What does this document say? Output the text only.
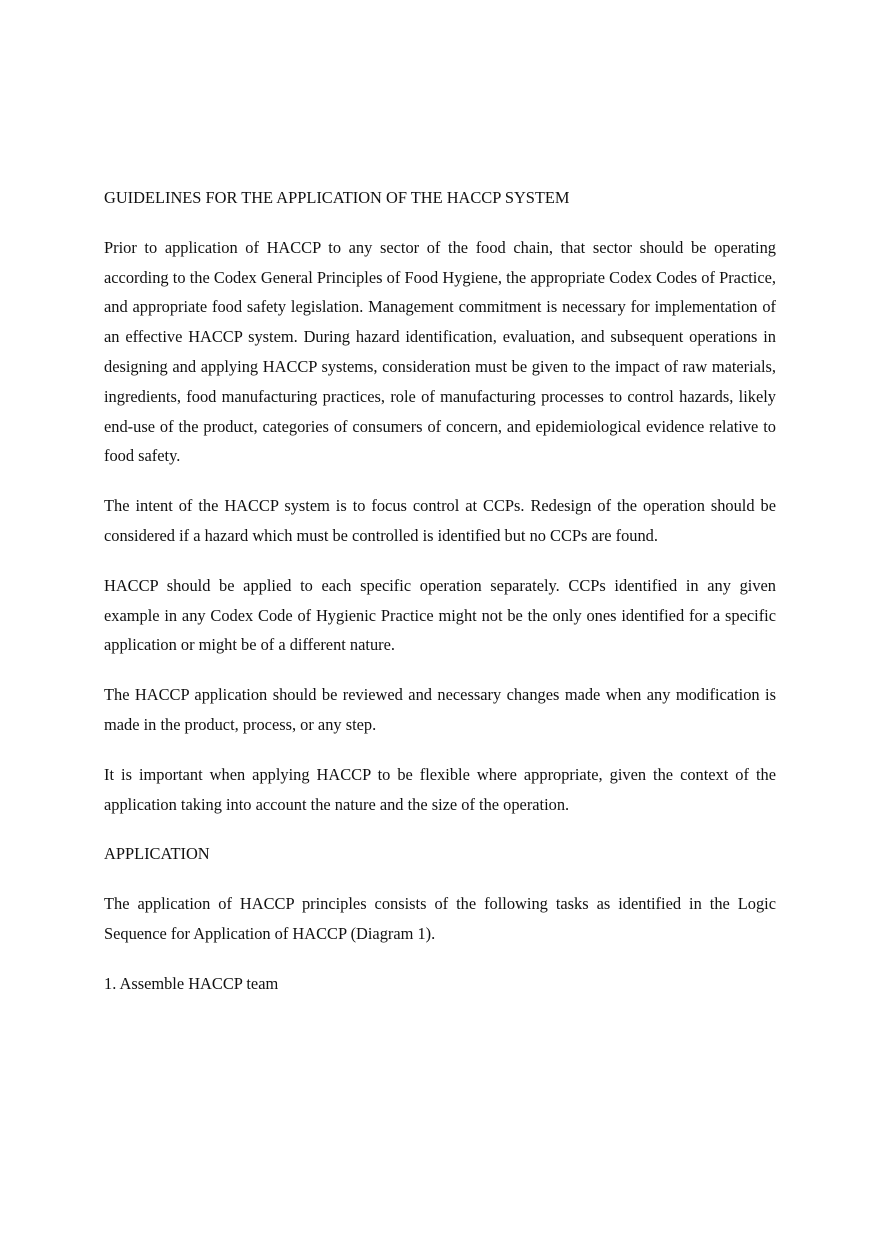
GUIDELINES FOR THE APPLICATION OF THE HACCP SYSTEM

Prior to application of HACCP to any sector of the food chain, that sector should be operating according to the Codex General Principles of Food Hygiene, the appropriate Codex Codes of Practice, and appropriate food safety legislation. Management commitment is necessary for implementation of an effective HACCP system. During hazard identification, evaluation, and subsequent operations in designing and applying HACCP systems, consideration must be given to the impact of raw materials, ingredients, food manufacturing practices, role of manufacturing processes to control hazards, likely end-use of the product, categories of consumers of concern, and epidemiological evidence relative to food safety.

The intent of the HACCP system is to focus control at CCPs. Redesign of the operation should be considered if a hazard which must be controlled is identified but no CCPs are found.

HACCP should be applied to each specific operation separately. CCPs identified in any given example in any Codex Code of Hygienic Practice might not be the only ones identified for a specific application or might be of a different nature.

The HACCP application should be reviewed and necessary changes made when any modification is made in the product, process, or any step.

It is important when applying HACCP to be flexible where appropriate, given the context of the application taking into account the nature and the size of the operation.

APPLICATION

The application of HACCP principles consists of the following tasks as identified in the Logic Sequence for Application of HACCP (Diagram 1).

1. Assemble HACCP team
